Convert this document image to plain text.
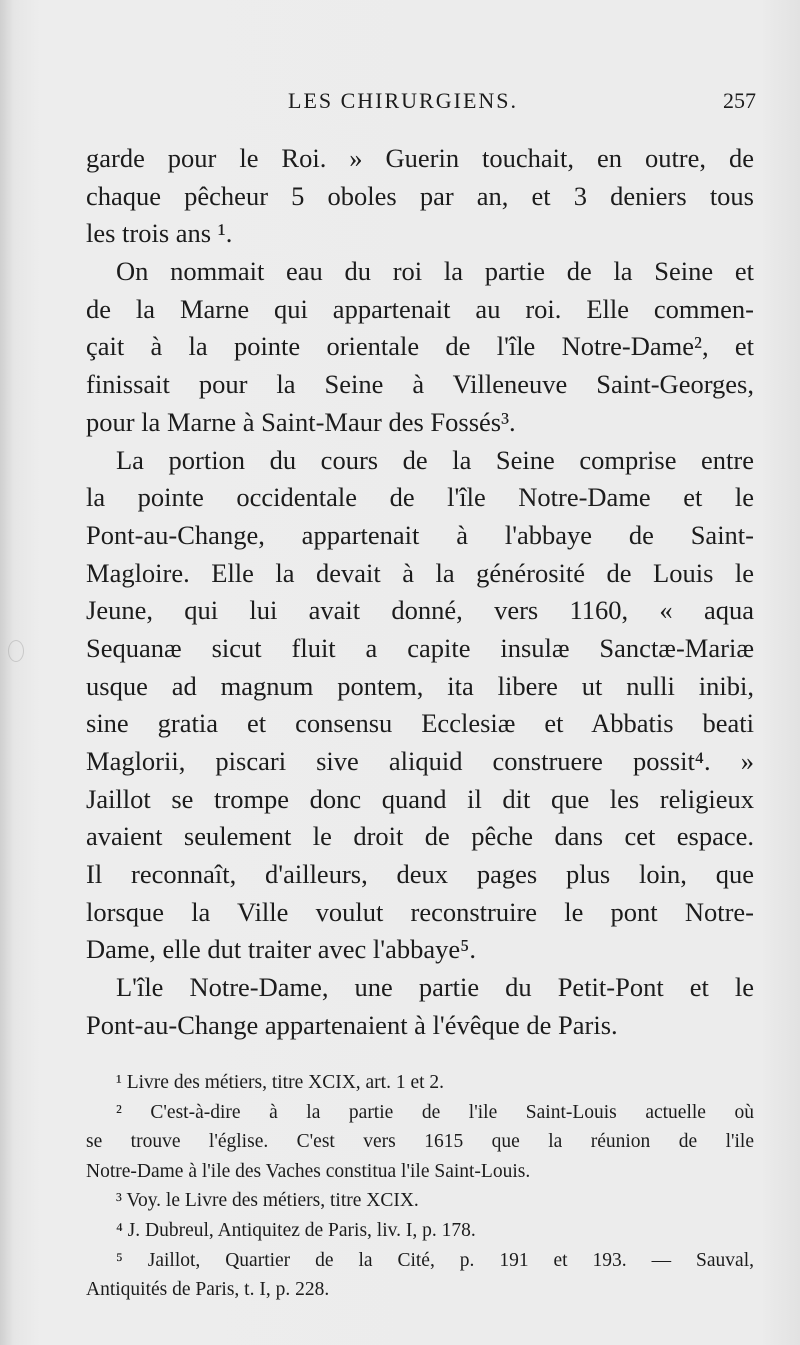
LES CHIRURGIENS.	257
garde pour le Roi. » Guerin touchait, en outre, de
chaque pêcheur 5 oboles par an, et 3 deniers tous
les trois ans ¹.
On nommait eau du roi la partie de la Seine et
de la Marne qui appartenait au roi. Elle commen-
çait à la pointe orientale de l'île Notre-Dame², et
finissait pour la Seine à Villeneuve Saint-Georges,
pour la Marne à Saint-Maur des Fossés³.
La portion du cours de la Seine comprise entre
la pointe occidentale de l'île Notre-Dame et le
Pont-au-Change, appartenait à l'abbaye de Saint-
Magloire. Elle la devait à la générosité de Louis le
Jeune, qui lui avait donné, vers 1160, « aqua
Sequanæ sicut fluit a capite insulæ Sanctæ-Mariæ
usque ad magnum pontem, ita libere ut nulli inibi,
sine gratia et consensu Ecclesiæ et Abbatis beati
Maglorii, piscari sive aliquid construere possit⁴. »
Jaillot se trompe donc quand il dit que les religieux
avaient seulement le droit de pêche dans cet espace.
Il reconnaît, d'ailleurs, deux pages plus loin, que
lorsque la Ville voulut reconstruire le pont Notre-
Dame, elle dut traiter avec l'abbaye⁵.
L'île Notre-Dame, une partie du Petit-Pont et le
Pont-au-Change appartenaient à l'évêque de Paris.
¹ Livre des métiers, titre XCIX, art. 1 et 2.
² C'est-à-dire à la partie de l'ile Saint-Louis actuelle où
se trouve l'église. C'est vers 1615 que la réunion de l'ile
Notre-Dame à l'ile des Vaches constitua l'ile Saint-Louis.
³ Voy. le Livre des métiers, titre XCIX.
⁴ J. Dubreul, Antiquitez de Paris, liv. I, p. 178.
⁵ Jaillot, Quartier de la Cité, p. 191 et 193. — Sauval,
Antiquités de Paris, t. I, p. 228.
